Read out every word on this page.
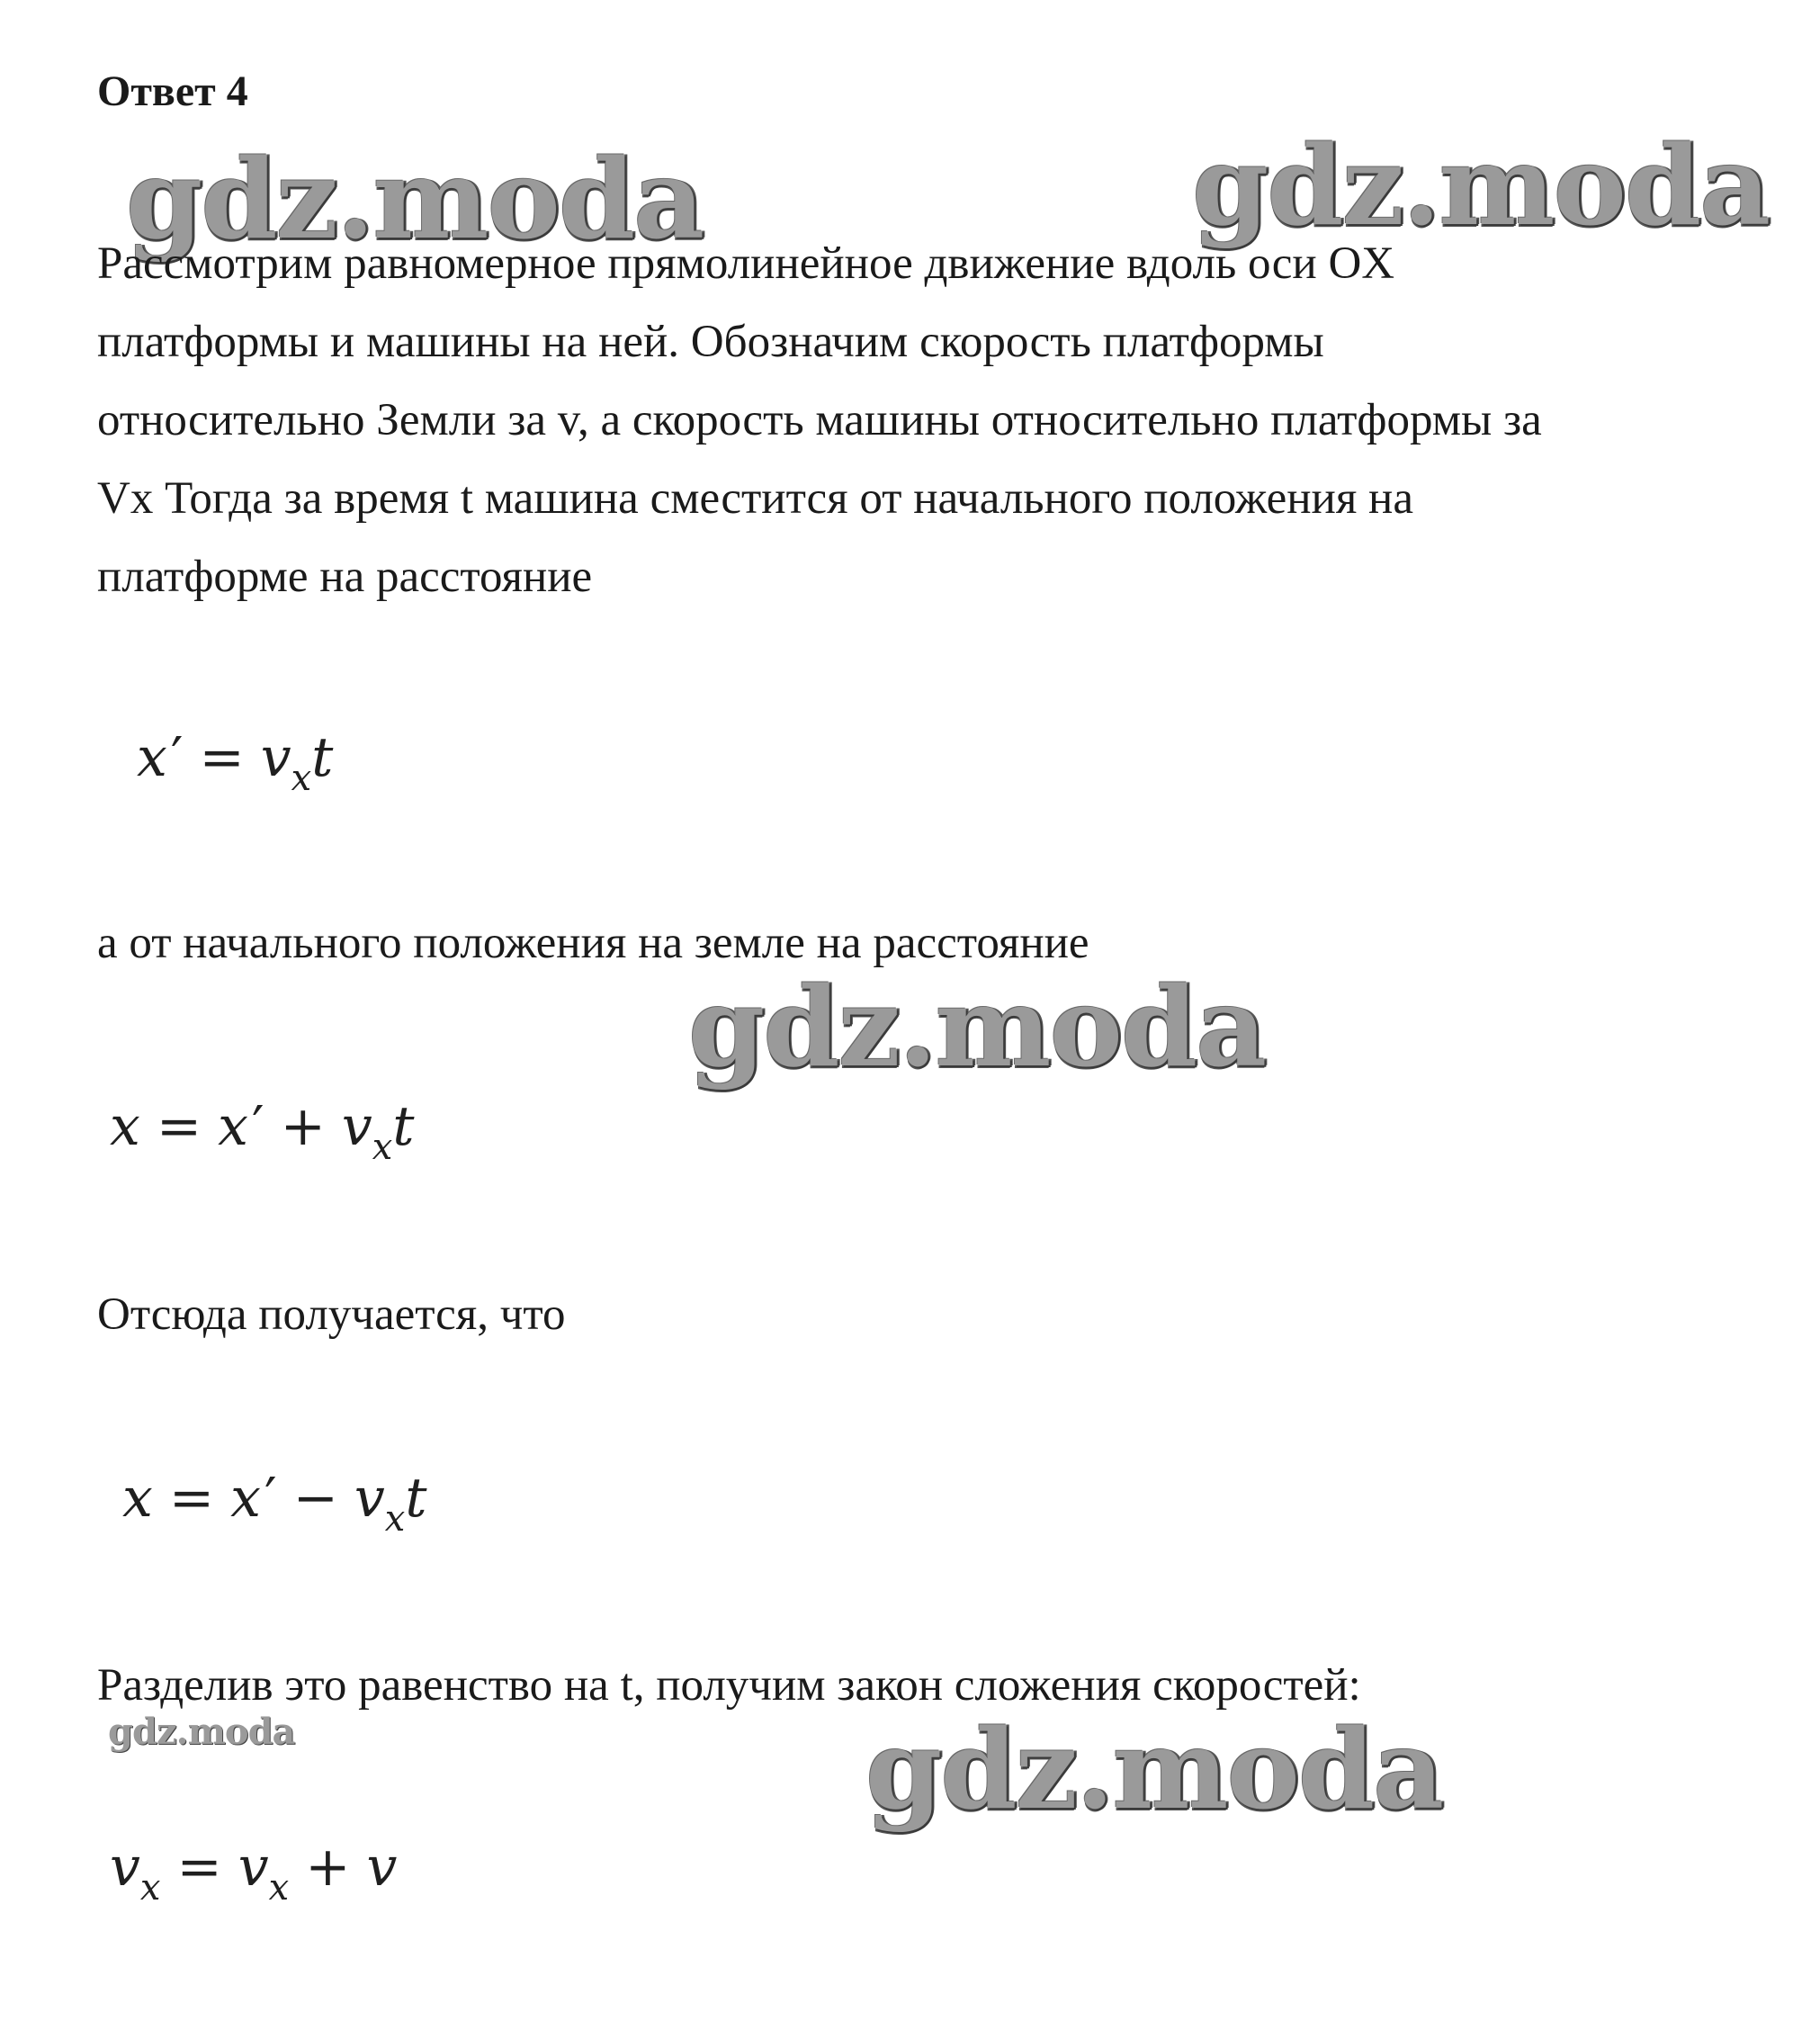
Ответ 4
gdz.moda	gdz.moda
Рассмотрим равномерное прямолинейное движение вдоль оси OX
платформы и машины на ней. Обозначим скорость платформы
относительно Земли за v, а скорость машины относительно платформы за
Vx Тогда за время t машина сместится от начального положения на
платформе на расстояние
$x' = v_xt$
а от начального положения на земле на расстояние
gdz.moda
$x = x' + v_xt$
Отсюда получается, что
$x = x' - v_xt$
Разделив это равенство на t, получим закон сложения скоростей:
gdz.moda	gdz.moda
$v_x = v_x + v$
